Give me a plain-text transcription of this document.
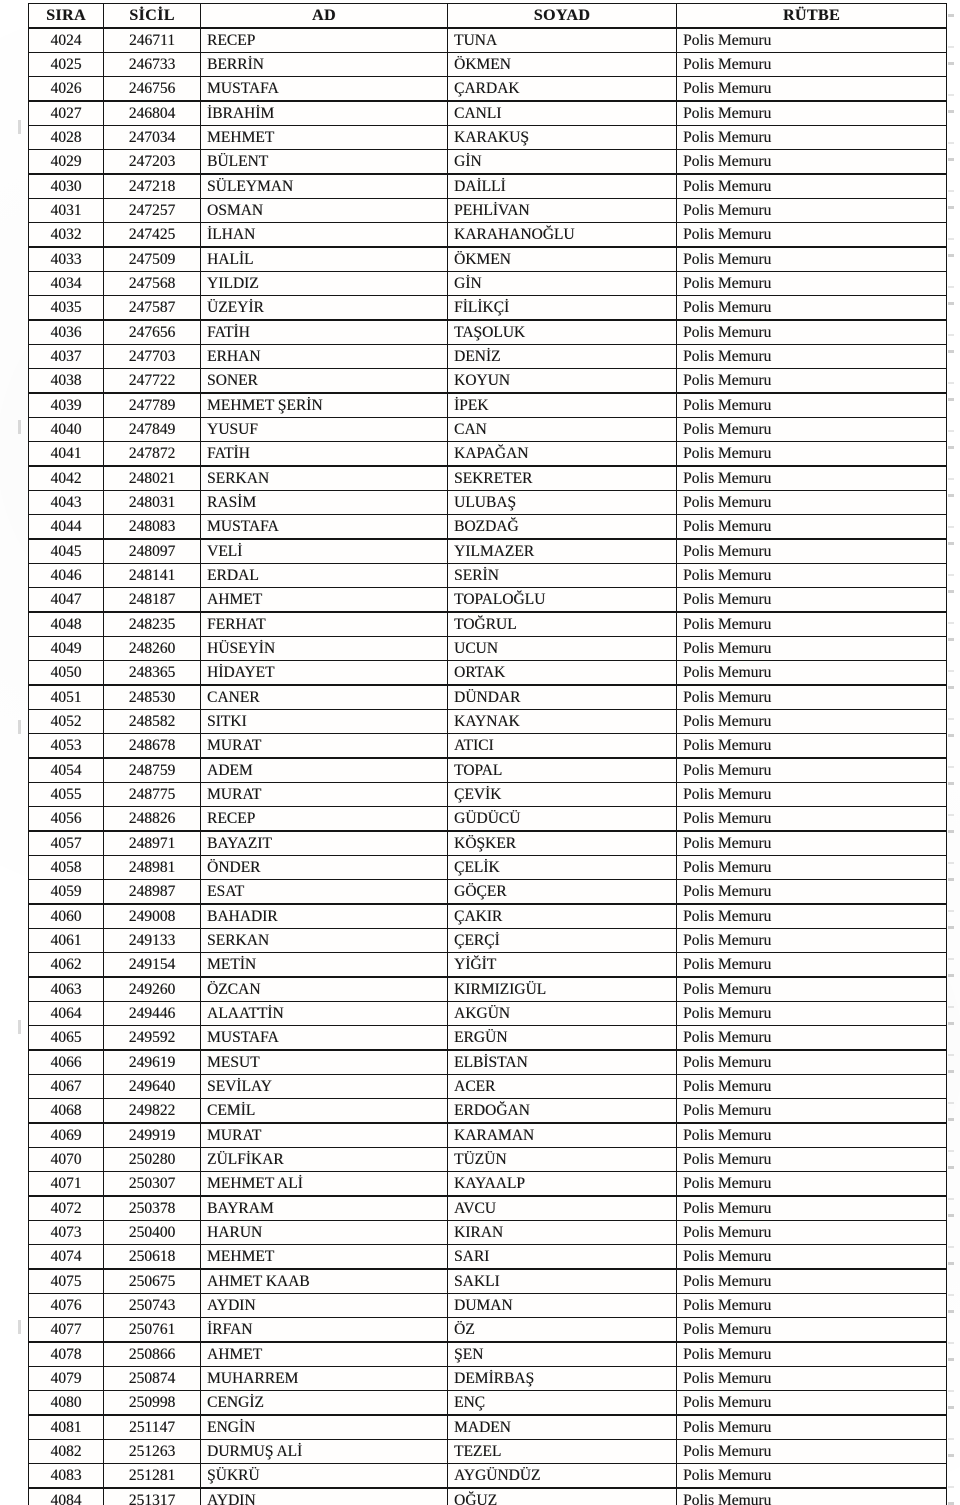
SIRA	SİCİL	AD	SOYAD	RÜTBE
4024	246711	RECEP	TUNA	Polis Memuru
4025	246733	BERRİN	ÖKMEN	Polis Memuru
4026	246756	MUSTAFA	ÇARDAK	Polis Memuru
4027	246804	İBRAHİM	CANLI	Polis Memuru
4028	247034	MEHMET	KARAKUŞ	Polis Memuru
4029	247203	BÜLENT	GİN	Polis Memuru
4030	247218	SÜLEYMAN	DAİLLİ	Polis Memuru
4031	247257	OSMAN	PEHLİVAN	Polis Memuru
4032	247425	İLHAN	KARAHANOĞLU	Polis Memuru
4033	247509	HALİL	ÖKMEN	Polis Memuru
4034	247568	YILDIZ	GİN	Polis Memuru
4035	247587	ÜZEYİR	FİLİKÇİ	Polis Memuru
4036	247656	FATİH	TAŞOLUK	Polis Memuru
4037	247703	ERHAN	DENİZ	Polis Memuru
4038	247722	SONER	KOYUN	Polis Memuru
4039	247789	MEHMET ŞERİN	İPEK	Polis Memuru
4040	247849	YUSUF	CAN	Polis Memuru
4041	247872	FATİH	KAPAĞAN	Polis Memuru
4042	248021	SERKAN	SEKRETER	Polis Memuru
4043	248031	RASİM	ULUBAŞ	Polis Memuru
4044	248083	MUSTAFA	BOZDAĞ	Polis Memuru
4045	248097	VELİ	YILMAZER	Polis Memuru
4046	248141	ERDAL	SERİN	Polis Memuru
4047	248187	AHMET	TOPALOĞLU	Polis Memuru
4048	248235	FERHAT	TOĞRUL	Polis Memuru
4049	248260	HÜSEYİN	UCUN	Polis Memuru
4050	248365	HİDAYET	ORTAK	Polis Memuru
4051	248530	CANER	DÜNDAR	Polis Memuru
4052	248582	SITKI	KAYNAK	Polis Memuru
4053	248678	MURAT	ATICI	Polis Memuru
4054	248759	ADEM	TOPAL	Polis Memuru
4055	248775	MURAT	ÇEVİK	Polis Memuru
4056	248826	RECEP	GÜDÜCÜ	Polis Memuru
4057	248971	BAYAZIT	KÖŞKER	Polis Memuru
4058	248981	ÖNDER	ÇELİK	Polis Memuru
4059	248987	ESAT	GÖÇER	Polis Memuru
4060	249008	BAHADIR	ÇAKIR	Polis Memuru
4061	249133	SERKAN	ÇERÇİ	Polis Memuru
4062	249154	METİN	YİĞİT	Polis Memuru
4063	249260	ÖZCAN	KIRMIZIGÜL	Polis Memuru
4064	249446	ALAATTİN	AKGÜN	Polis Memuru
4065	249592	MUSTAFA	ERGÜN	Polis Memuru
4066	249619	MESUT	ELBİSTAN	Polis Memuru
4067	249640	SEVİLAY	ACER	Polis Memuru
4068	249822	CEMİL	ERDOĞAN	Polis Memuru
4069	249919	MURAT	KARAMAN	Polis Memuru
4070	250280	ZÜLFİKAR	TÜZÜN	Polis Memuru
4071	250307	MEHMET ALİ	KAYAALP	Polis Memuru
4072	250378	BAYRAM	AVCU	Polis Memuru
4073	250400	HARUN	KIRAN	Polis Memuru
4074	250618	MEHMET	SARI	Polis Memuru
4075	250675	AHMET KAAB	SAKLI	Polis Memuru
4076	250743	AYDIN	DUMAN	Polis Memuru
4077	250761	İRFAN	ÖZ	Polis Memuru
4078	250866	AHMET	ŞEN	Polis Memuru
4079	250874	MUHARREM	DEMİRBAŞ	Polis Memuru
4080	250998	CENGİZ	ENÇ	Polis Memuru
4081	251147	ENGİN	MADEN	Polis Memuru
4082	251263	DURMUŞ ALİ	TEZEL	Polis Memuru
4083	251281	ŞÜKRÜ	AYGÜNDÜZ	Polis Memuru
4084	251317	AYDIN	OĞUZ	Polis Memuru
